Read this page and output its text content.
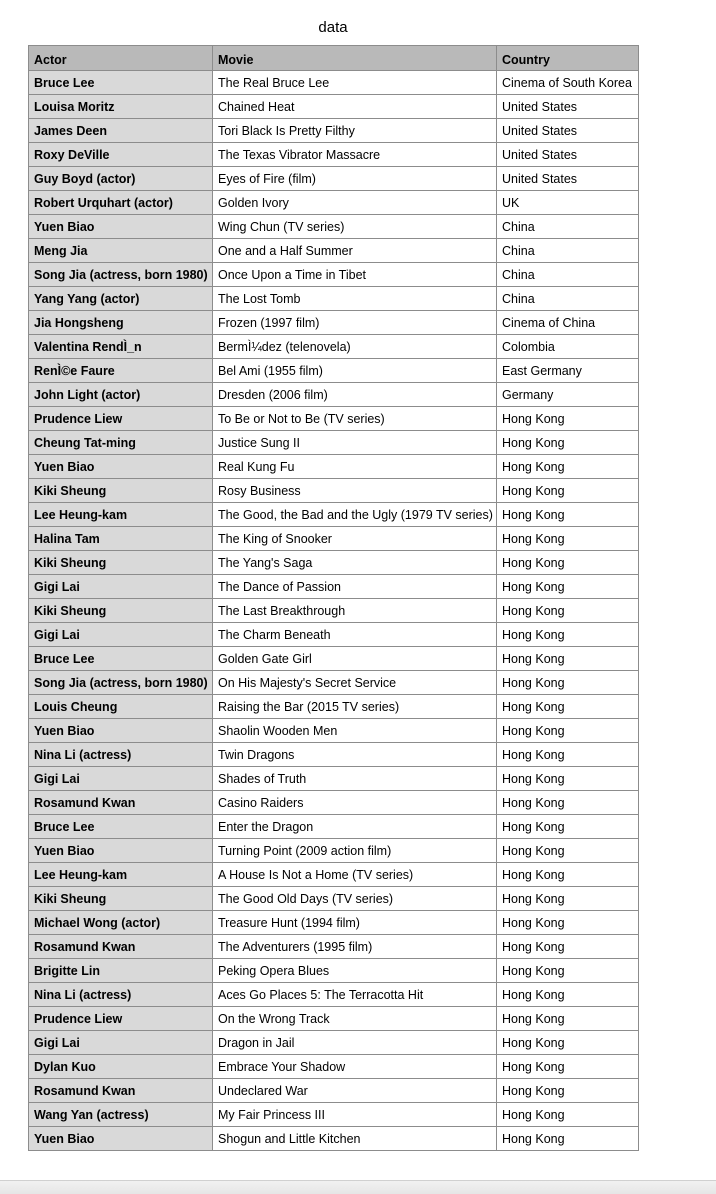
data
Actor	Movie	Country
Bruce Lee	The Real Bruce Lee	Cinema of South Korea
Louisa Moritz	Chained Heat	United States
James Deen	Tori Black Is Pretty Filthy	United States
Roxy DeVille	The Texas Vibrator Massacre	United States
Guy Boyd (actor)	Eyes of Fire (film)	United States
Robert Urquhart (actor)	Golden Ivory	UK
Yuen Biao	Wing Chun (TV series)	China
Meng Jia	One and a Half Summer	China
Song Jia (actress, born 1980)	Once Upon a Time in Tibet	China
Yang Yang (actor)	The Lost Tomb	China
Jia Hongsheng	Frozen (1997 film)	Cinema of China
Valentina RendÌ_n	BermÌ¼dez (telenovela)	Colombia
RenÌ©e Faure	Bel Ami (1955 film)	East Germany
John Light (actor)	Dresden (2006 film)	Germany
Prudence Liew	To Be or Not to Be (TV series)	Hong Kong
Cheung Tat-ming	Justice Sung II	Hong Kong
Yuen Biao	Real Kung Fu	Hong Kong
Kiki Sheung	Rosy Business	Hong Kong
Lee Heung-kam	The Good, the Bad and the Ugly (1979 TV series)	Hong Kong
Halina Tam	The King of Snooker	Hong Kong
Kiki Sheung	The Yang's Saga	Hong Kong
Gigi Lai	The Dance of Passion	Hong Kong
Kiki Sheung	The Last Breakthrough	Hong Kong
Gigi Lai	The Charm Beneath	Hong Kong
Bruce Lee	Golden Gate Girl	Hong Kong
Song Jia (actress, born 1980)	On His Majesty's Secret Service	Hong Kong
Louis Cheung	Raising the Bar (2015 TV series)	Hong Kong
Yuen Biao	Shaolin Wooden Men	Hong Kong
Nina Li (actress)	Twin Dragons	Hong Kong
Gigi Lai	Shades of Truth	Hong Kong
Rosamund Kwan	Casino Raiders	Hong Kong
Bruce Lee	Enter the Dragon	Hong Kong
Yuen Biao	Turning Point (2009 action film)	Hong Kong
Lee Heung-kam	A House Is Not a Home (TV series)	Hong Kong
Kiki Sheung	The Good Old Days (TV series)	Hong Kong
Michael Wong (actor)	Treasure Hunt (1994 film)	Hong Kong
Rosamund Kwan	The Adventurers (1995 film)	Hong Kong
Brigitte Lin	Peking Opera Blues	Hong Kong
Nina Li (actress)	Aces Go Places 5: The Terracotta Hit	Hong Kong
Prudence Liew	On the Wrong Track	Hong Kong
Gigi Lai	Dragon in Jail	Hong Kong
Dylan Kuo	Embrace Your Shadow	Hong Kong
Rosamund Kwan	Undeclared War	Hong Kong
Wang Yan (actress)	My Fair Princess III	Hong Kong
Yuen Biao	Shogun and Little Kitchen	Hong Kong
